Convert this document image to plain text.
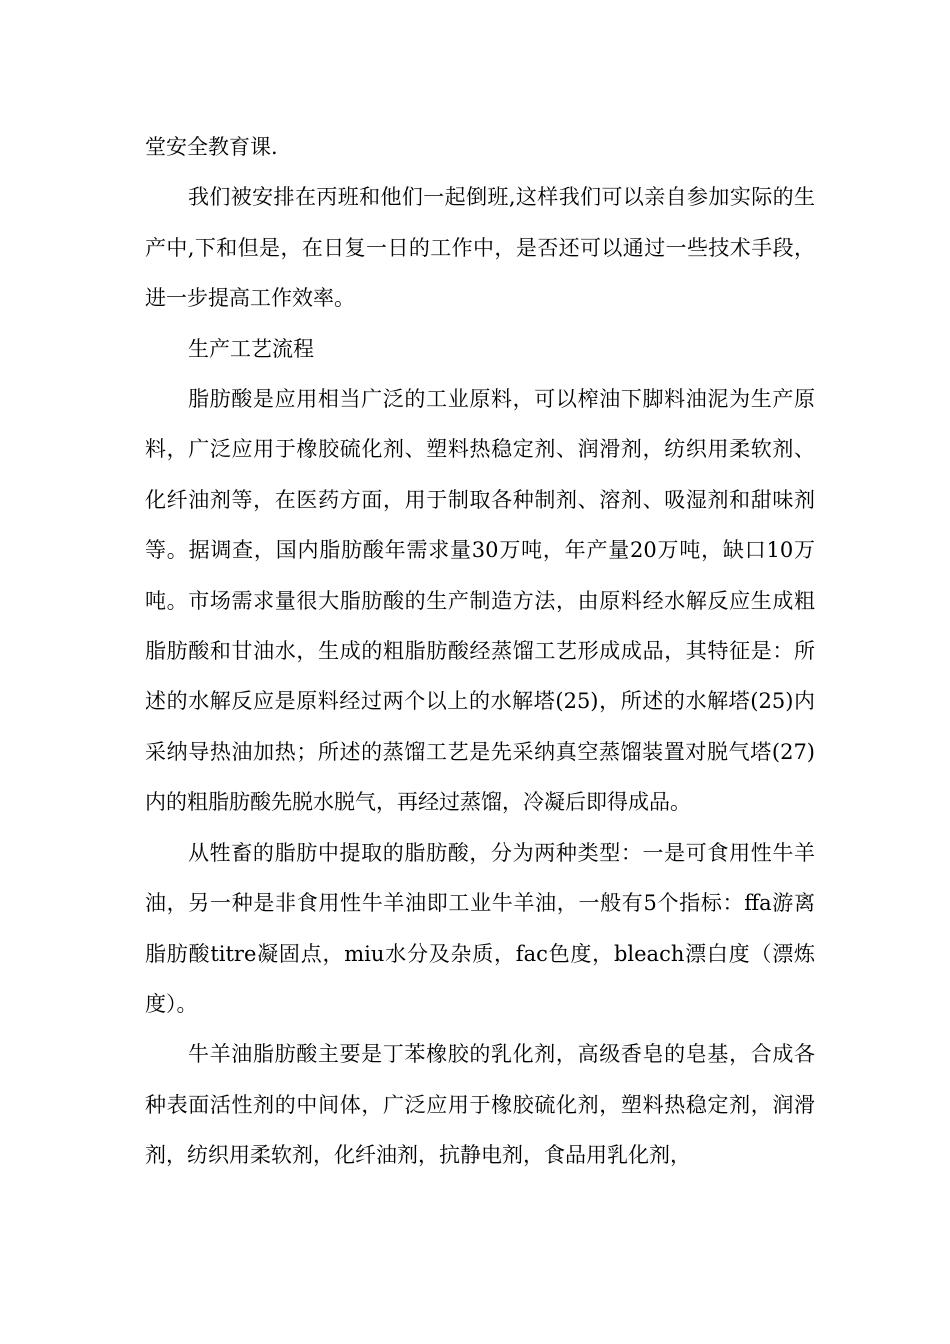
堂安全教育课.

我们被安排在丙班和他们一起倒班,这样我们可以亲自参加实际的生产中,下和但是，在日复一日的工作中，是否还可以通过一些技术手段，进一步提高工作效率。

生产工艺流程

脂肪酸是应用相当广泛的工业原料，可以榨油下脚料油泥为生产原料，广泛应用于橡胶硫化剂、塑料热稳定剂、润滑剂，纺织用柔软剂、化纤油剂等，在医药方面，用于制取各种制剂、溶剂、吸湿剂和甜味剂等。据调查，国内脂肪酸年需求量30万吨，年产量20万吨，缺口10万吨。市场需求量很大脂肪酸的生产制造方法，由原料经水解反应生成粗脂肪酸和甘油水，生成的粗脂肪酸经蒸馏工艺形成成品，其特征是：所述的水解反应是原料经过两个以上的水解塔(25)，所述的水解塔(25)内采纳导热油加热；所述的蒸馏工艺是先采纳真空蒸馏装置对脱气塔(27)内的粗脂肪酸先脱水脱气，再经过蒸馏，冷凝后即得成品。

从牲畜的脂肪中提取的脂肪酸，分为两种类型：一是可食用性牛羊油，另一种是非食用性牛羊油即工业牛羊油，一般有5个指标：ffa游离脂肪酸titre凝固点，miu水分及杂质，fac色度，bleach漂白度（漂炼度）。

牛羊油脂肪酸主要是丁苯橡胶的乳化剂，高级香皂的皂基，合成各种表面活性剂的中间体，广泛应用于橡胶硫化剂，塑料热稳定剂，润滑剂，纺织用柔软剂，化纤油剂，抗静电剂，食品用乳化剂，
